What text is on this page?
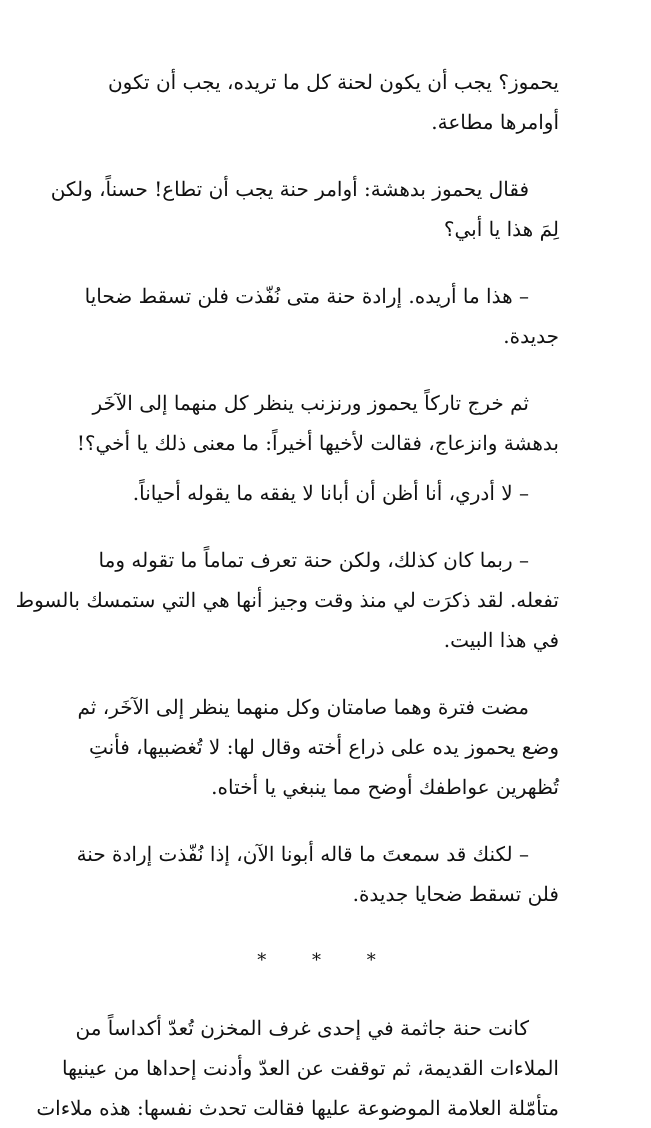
يحموز؟ يجب أن يكون لحنة كل ما تريده، يجب أن تكون
أوامرها مطاعة.

فقال يحموز بدهشة: أوامر حنة يجب أن تطاع! حسناً، ولكن
لِمَ هذا يا أبي؟

– هذا ما أريده. إرادة حنة متى نُفّذت فلن تسقط ضحايا
جديدة.

ثم خرج تاركاً يحموز ورنزنب ينظر كل منهما إلى الآخَر
بدهشة وانزعاج، فقالت لأخيها أخيراً: ما معنى ذلك يا أخي؟!

– لا أدري، أنا أظن أن أبانا لا يفقه ما يقوله أحياناً.

– ربما كان كذلك، ولكن حنة تعرف تماماً ما تقوله وما
تفعله. لقد ذكرَت لي منذ وقت وجيز أنها هي التي ستمسك بالسوط
في هذا البيت.

مضت فترة وهما صامتان وكل منهما ينظر إلى الآخَر، ثم
وضع يحموز يده على ذراع أخته وقال لها: لا تُغضبيها، فأنتِ
تُظهرين عواطفك أوضح مما ينبغي يا أختاه.

– لكنك قد سمعتَ ما قاله أبونا الآن، إذا نُفّذت إرادة حنة
فلن تسقط ضحايا جديدة.

* * *

كانت حنة جاثمة في إحدى غرف المخزن تُعدّ أكداساً من
الملاءات القديمة، ثم توقفت عن العدّ وأدنت إحداها من عينيها
متأمّلة العلامة الموضوعة عليها فقالت تحدث نفسها: هذه ملاءات
